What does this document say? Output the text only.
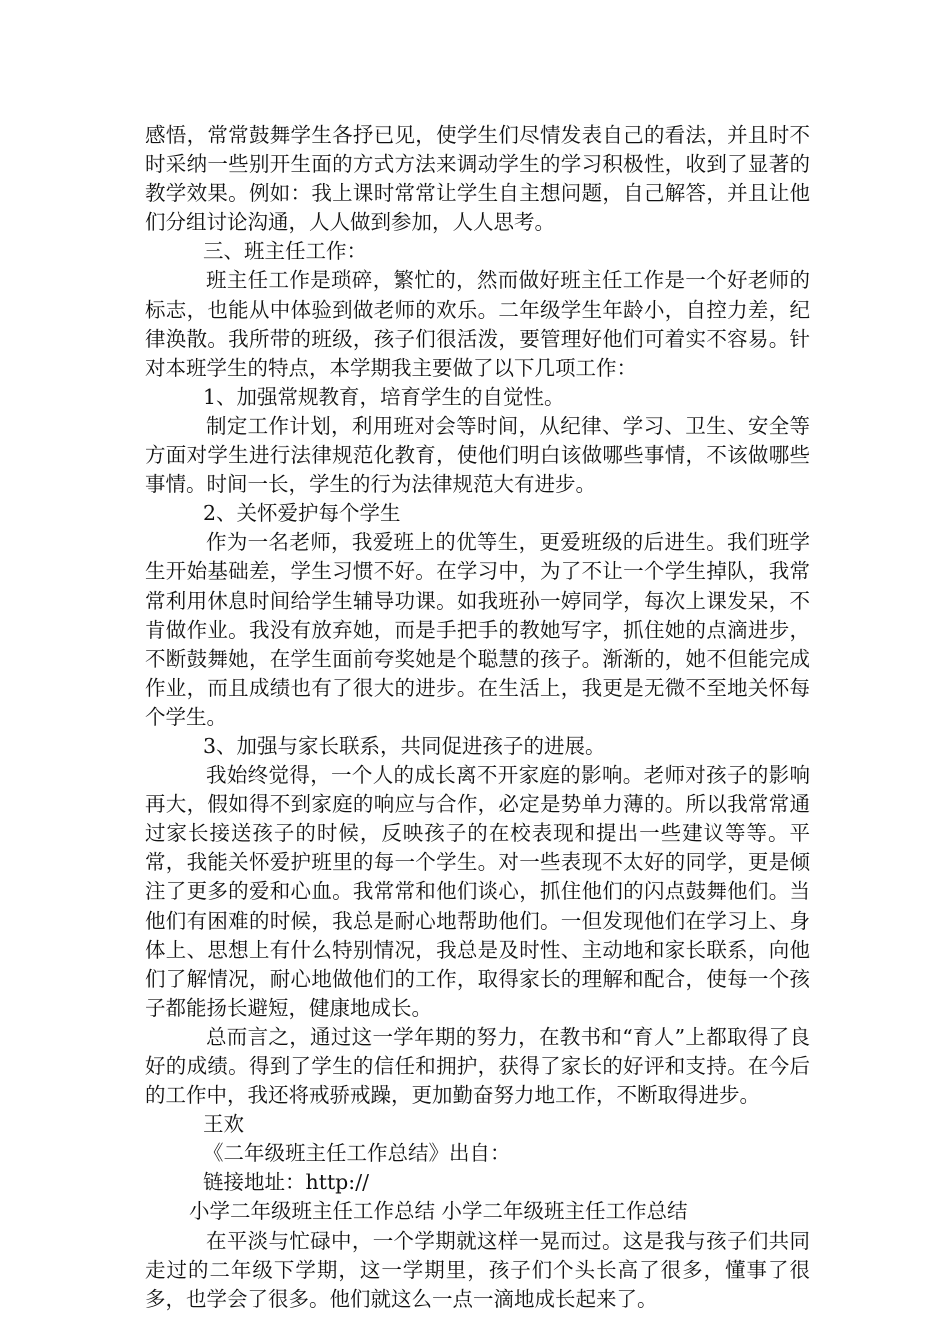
感悟，常常鼓舞学生各抒已见，使学生们尽情发表自己的看法，并且时不时采纳一些别开生面的方式方法来调动学生的学习积极性，收到了显著的教学效果。例如：我上课时常常让学生自主想问题，自己解答，并且让他们分组讨论沟通，人人做到参加，人人思考。

三、班主任工作：

班主任工作是琐碎，繁忙的，然而做好班主任工作是一个好老师的标志，也能从中体验到做老师的欢乐。二年级学生年龄小，自控力差，纪律涣散。我所带的班级，孩子们很活泼，要管理好他们可着实不容易。针对本班学生的特点，本学期我主要做了以下几项工作：

1、加强常规教育，培育学生的自觉性。

制定工作计划，利用班对会等时间，从纪律、学习、卫生、安全等方面对学生进行法律规范化教育，使他们明白该做哪些事情，不该做哪些事情。时间一长，学生的行为法律规范大有进步。

2、关怀爱护每个学生

作为一名老师，我爱班上的优等生，更爱班级的后进生。我们班学生开始基础差，学生习惯不好。在学习中，为了不让一个学生掉队，我常常利用休息时间给学生辅导功课。如我班孙一婷同学，每次上课发呆，不肯做作业。我没有放弃她，而是手把手的教她写字，抓住她的点滴进步，不断鼓舞她，在学生面前夸奖她是个聪慧的孩子。渐渐的，她不但能完成作业，而且成绩也有了很大的进步。在生活上，我更是无微不至地关怀每个学生。

3、加强与家长联系，共同促进孩子的进展。

我始终觉得，一个人的成长离不开家庭的影响。老师对孩子的影响再大，假如得不到家庭的响应与合作，必定是势单力薄的。所以我常常通过家长接送孩子的时候，反映孩子的在校表现和提出一些建议等等。平常，我能关怀爱护班里的每一个学生。对一些表现不太好的同学，更是倾注了更多的爱和心血。我常常和他们谈心，抓住他们的闪点鼓舞他们。当他们有困难的时候，我总是耐心地帮助他们。一但发现他们在学习上、身体上、思想上有什么特别情况，我总是及时性、主动地和家长联系，向他们了解情况，耐心地做他们的工作，取得家长的理解和配合，使每一个孩子都能扬长避短，健康地成长。

总而言之，通过这一学年期的努力，在教书和“育人”上都取得了良好的成绩。得到了学生的信任和拥护，获得了家长的好评和支持。在今后的工作中，我还将戒骄戒躁，更加勤奋努力地工作，不断取得进步。

王欢

《二年级班主任工作总结》出自：

链接地址：http://

小学二年级班主任工作总结 小学二年级班主任工作总结

在平淡与忙碌中，一个学期就这样一晃而过。这是我与孩子们共同走过的二年级下学期，这一学期里，孩子们个头长高了很多，懂事了很多，也学会了很多。他们就这么一点一滴地成长起来了。
